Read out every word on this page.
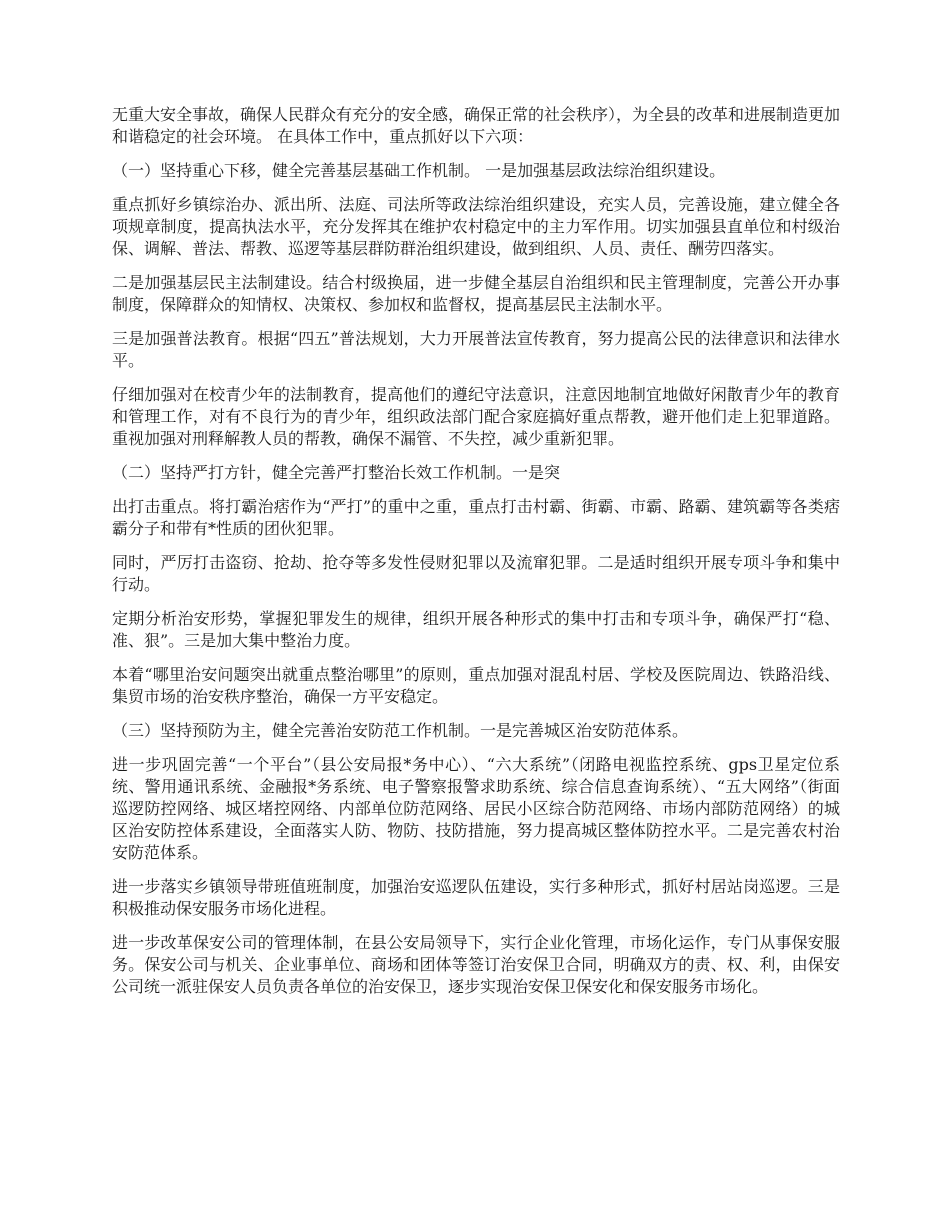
无重大安全事故，确保人民群众有充分的安全感，确保正常的社会秩序），为全县的改革和进展制造更加和谐稳定的社会环境。 在具体工作中，重点抓好以下六项：

（一）坚持重心下移，健全完善基层基础工作机制。 一是加强基层政法综治组织建设。

重点抓好乡镇综治办、派出所、法庭、司法所等政法综治组织建设，充实人员，完善设施，建立健全各项规章制度，提高执法水平，充分发挥其在维护农村稳定中的主力军作用。切实加强县直单位和村级治保、调解、普法、帮教、巡逻等基层群防群治组织建设，做到组织、人员、责任、酬劳四落实。

二是加强基层民主法制建设。结合村级换届，进一步健全基层自治组织和民主管理制度，完善公开办事制度，保障群众的知情权、决策权、参加权和监督权，提高基层民主法制水平。

三是加强普法教育。根据“四五”普法规划，大力开展普法宣传教育，努力提高公民的法律意识和法律水平。

仔细加强对在校青少年的法制教育，提高他们的遵纪守法意识，注意因地制宜地做好闲散青少年的教育和管理工作，对有不良行为的青少年，组织政法部门配合家庭搞好重点帮教，避开他们走上犯罪道路。重视加强对刑释解教人员的帮教，确保不漏管、不失控，减少重新犯罪。

（二）坚持严打方针，健全完善严打整治长效工作机制。一是突

出打击重点。将打霸治痞作为“严打”的重中之重，重点打击村霸、街霸、市霸、路霸、建筑霸等各类痞霸分子和带有*性质的团伙犯罪。

同时，严厉打击盗窃、抢劫、抢夺等多发性侵财犯罪以及流窜犯罪。二是适时组织开展专项斗争和集中行动。

定期分析治安形势，掌握犯罪发生的规律，组织开展各种形式的集中打击和专项斗争，确保严打“稳、准、狠”。三是加大集中整治力度。

本着“哪里治安问题突出就重点整治哪里”的原则，重点加强对混乱村居、学校及医院周边、铁路沿线、集贸市场的治安秩序整治，确保一方平安稳定。

（三）坚持预防为主，健全完善治安防范工作机制。一是完善城区治安防范体系。

进一步巩固完善“一个平台”（县公安局报*务中心）、“六大系统”（闭路电视监控系统、gps卫星定位系统、警用通讯系统、金融报*务系统、电子警察报警求助系统、综合信息查询系统）、“五大网络”（街面巡逻防控网络、城区堵控网络、内部单位防范网络、居民小区综合防范网络、市场内部防范网络）的城区治安防控体系建设，全面落实人防、物防、技防措施，努力提高城区整体防控水平。二是完善农村治安防范体系。

进一步落实乡镇领导带班值班制度，加强治安巡逻队伍建设，实行多种形式，抓好村居站岗巡逻。三是积极推动保安服务市场化进程。

进一步改革保安公司的管理体制，在县公安局领导下，实行企业化管理，市场化运作，专门从事保安服务。保安公司与机关、企业事单位、商场和团体等签订治安保卫合同，明确双方的责、权、利，由保安公司统一派驻保安人员负责各单位的治安保卫，逐步实现治安保卫保安化和保安服务市场化。
